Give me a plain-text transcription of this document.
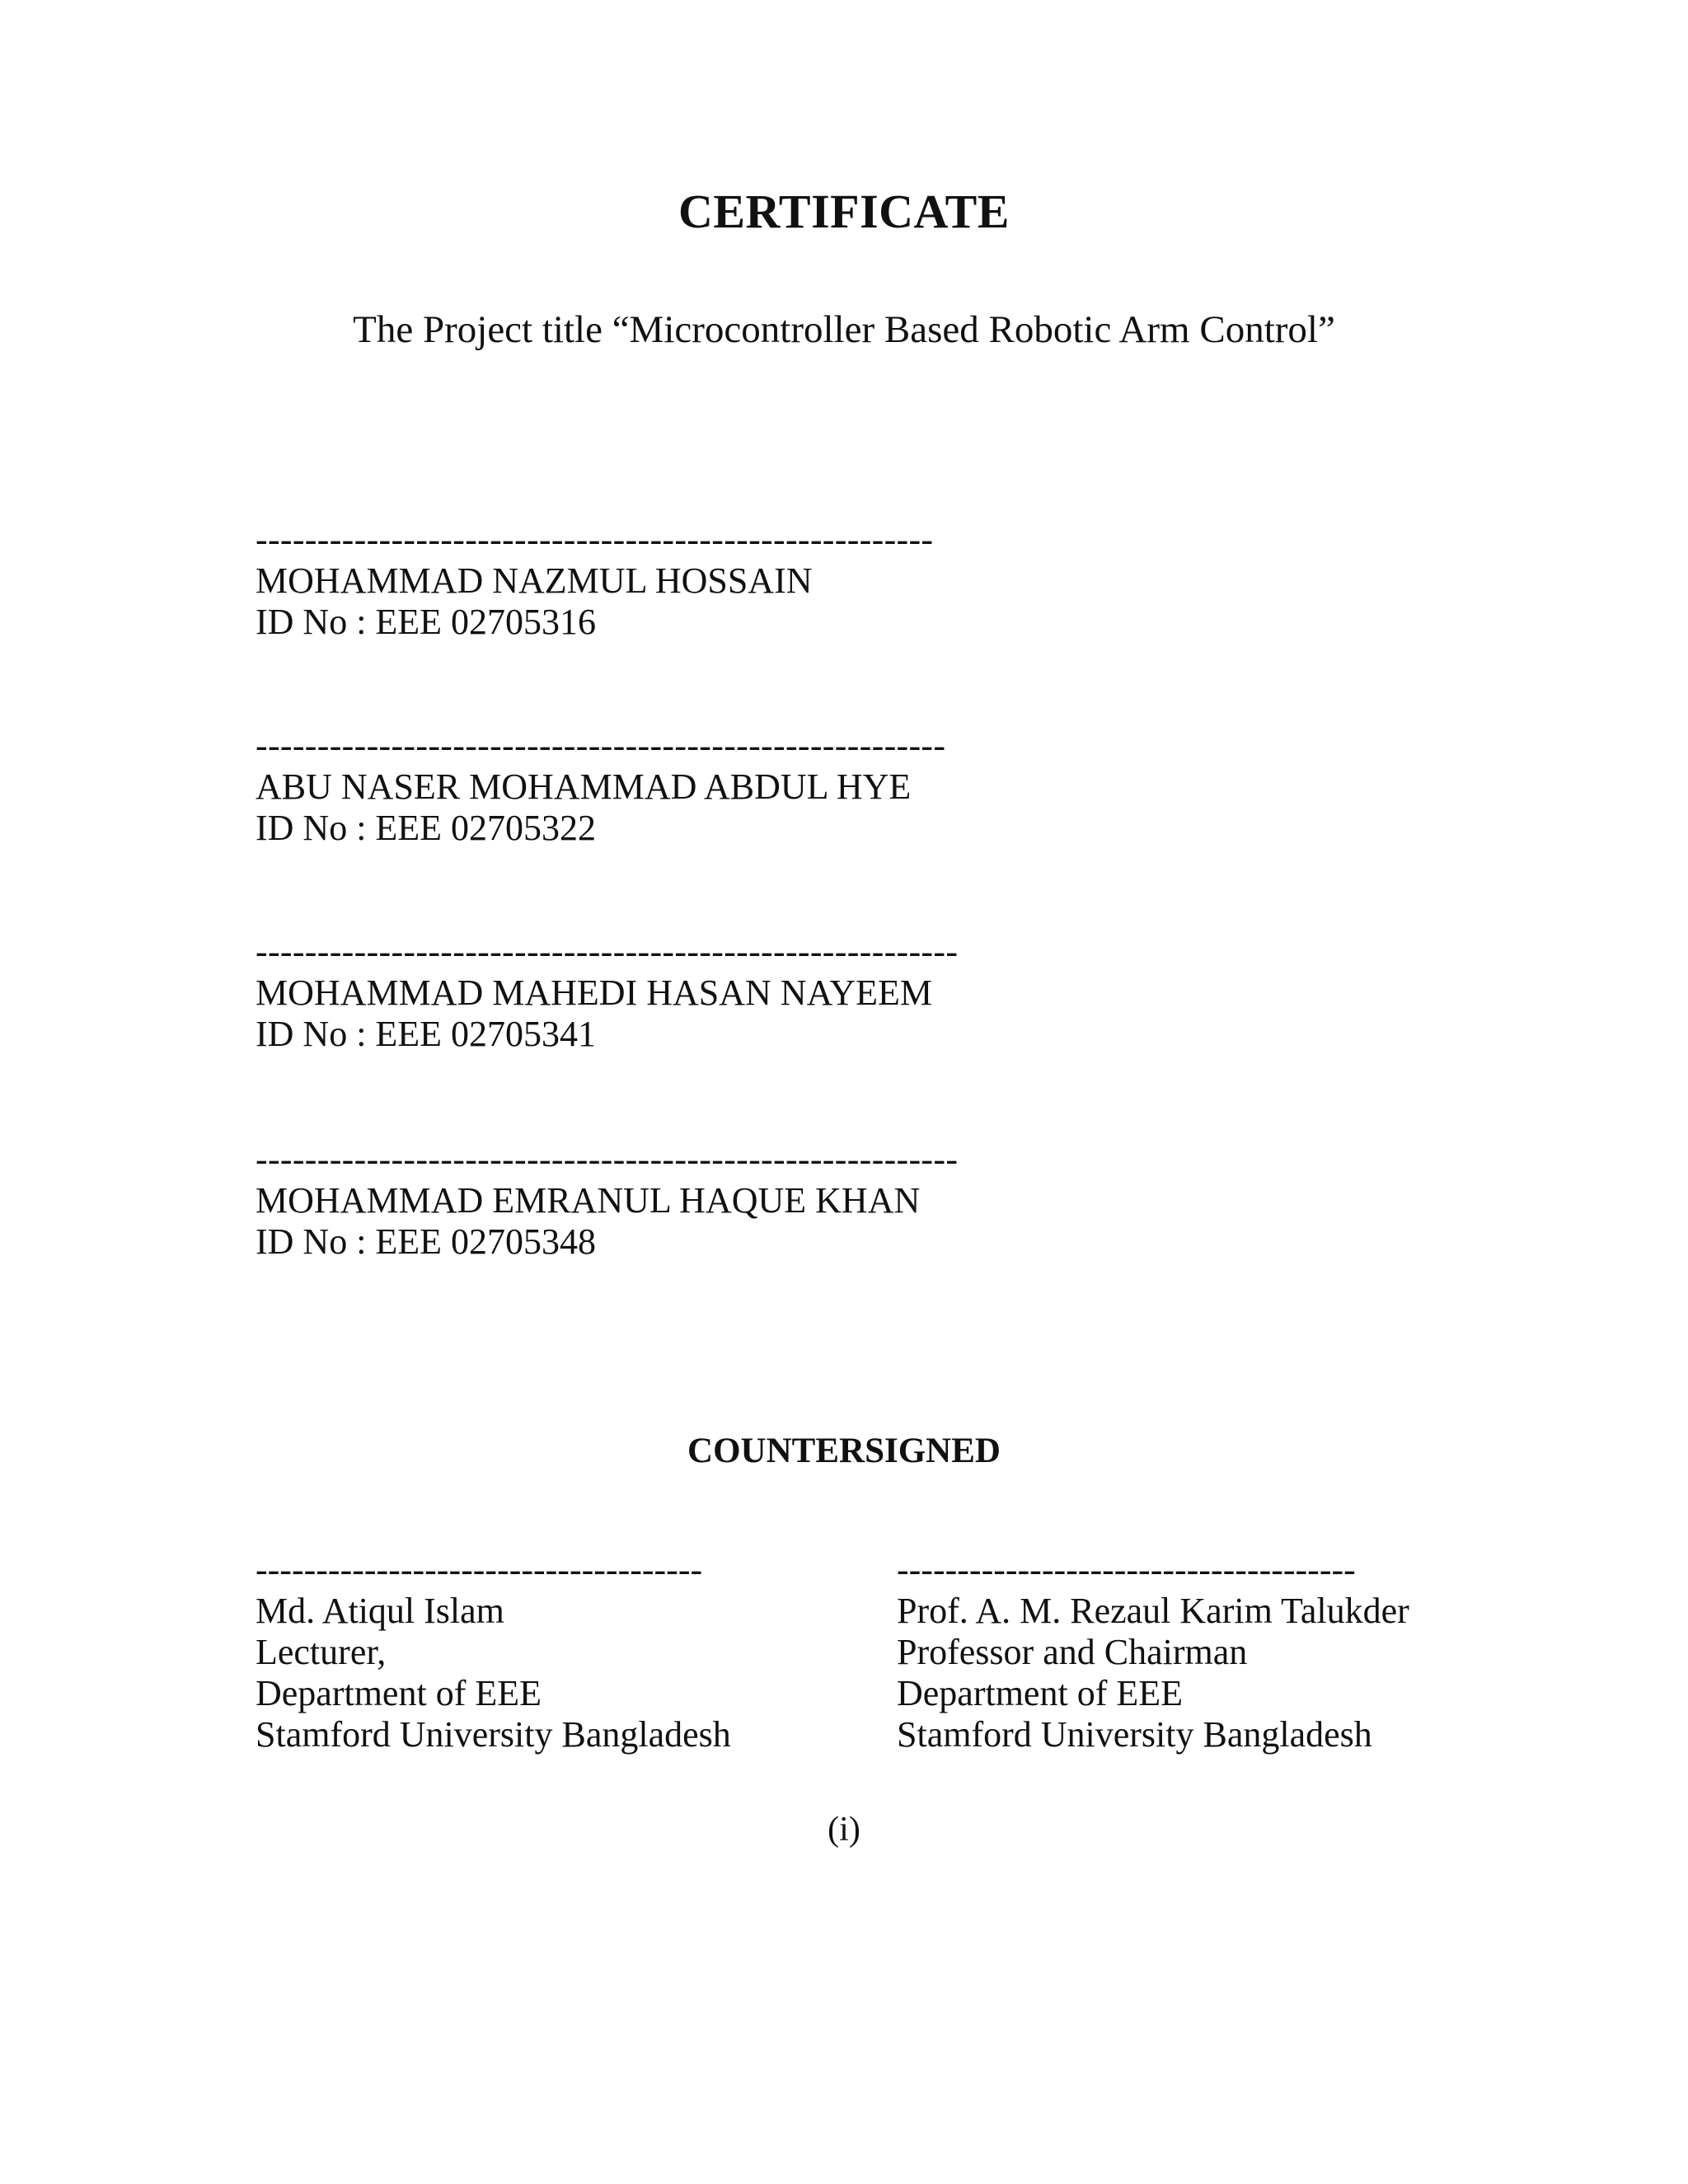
CERTIFICATE
The Project title “Microcontroller Based Robotic Arm Control”
-------------------------------------------------------
MOHAMMAD NAZMUL HOSSAIN
ID No : EEE 02705316
--------------------------------------------------------
ABU NASER MOHAMMAD ABDUL HYE
ID No : EEE 02705322
---------------------------------------------------------
MOHAMMAD MAHEDI HASAN NAYEEM
ID No : EEE 02705341
---------------------------------------------------------
MOHAMMAD EMRANUL HAQUE KHAN
ID No : EEE 02705348
COUNTERSIGNED
-------------------------------------
Md. Atiqul Islam
Lecturer,
Department of EEE
Stamford University Bangladesh
--------------------------------------
Prof. A. M. Rezaul Karim Talukder
Professor and Chairman
Department of EEE
Stamford University Bangladesh
(i)
